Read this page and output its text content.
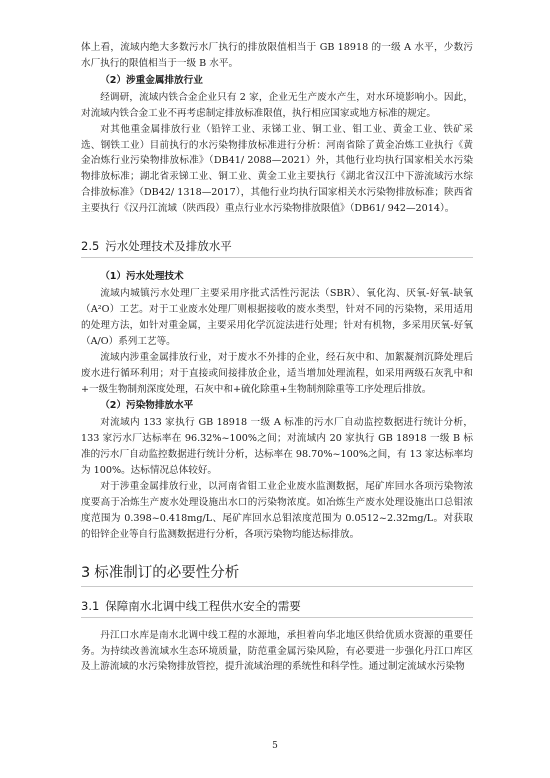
体上看，流域内绝大多数污水厂执行的排放限值相当于 GB 18918 的一级 A 水平，少数污水厂执行的限值相当于一级 B 水平。

（2）涉重金属排放行业

经调研，流域内铁合金企业只有 2 家，企业无生产废水产生，对水环境影响小。因此，对流域内铁合金工业不再考虑制定排放标准限值，执行相应国家或地方标准的规定。

对其他重金属排放行业（铅锌工业、汞锑工业、铜工业、钼工业、黄金工业、铁矿采选、钢铁工业）目前执行的水污染物排放标准进行分析：河南省除了黄金冶炼工业执行《黄金冶炼行业污染物排放标准》（DB41/ 2088—2021）外，其他行业均执行国家相关水污染物排放标准；湖北省汞锑工业、铜工业、黄金工业主要执行《湖北省汉江中下游流域污水综合排放标准》（DB42/ 1318—2017），其他行业均执行国家相关水污染物排放标准；陕西省主要执行《汉丹江流域（陕西段）重点行业水污染物排放限值》（DB61/ 942—2014）。

2.5 污水处理技术及排放水平
（1）污水处理技术

流域内城镇污水处理厂主要采用序批式活性污泥法（SBR）、氧化沟、厌氧-好氧-缺氧（A²O）工艺。对于工业废水处理厂则根据接收的废水类型，针对不同的污染物，采用适用的处理方法，如针对重金属，主要采用化学沉淀法进行处理；针对有机物，多采用厌氧-好氧（A/O）系列工艺等。

流域内涉重金属排放行业，对于废水不外排的企业，经石灰中和、加絮凝剂沉降处理后废水进行循环利用；对于直接或间接排放企业，适当增加处理流程，如采用两级石灰乳中和+一级生物制剂深度处理，石灰中和+硫化除重+生物制剂除重等工序处理后排放。

（2）污染物排放水平

对流域内 133 家执行 GB 18918 一级 A 标准的污水厂自动监控数据进行统计分析，133 家污水厂达标率在 96.32%~100%之间；对流域内 20 家执行 GB 18918 一级 B 标准的污水厂自动监控数据进行统计分析，达标率在 98.70%~100%之间，有 13 家达标率均为 100%。达标情况总体较好。

对于涉重金属排放行业，以河南省钼工业企业废水监测数据，尾矿库回水各项污染物浓度要高于冶炼生产废水处理设施出水口的污染物浓度。如冶炼生产废水处理设施出口总钼浓度范围为 0.398~0.418mg/L、尾矿库回水总钼浓度范围为 0.0512~2.32mg/L。对获取的铅锌企业等自行监测数据进行分析，各项污染物均能达标排放。

3 标准制订的必要性分析
3.1 保障南水北调中线工程供水安全的需要

丹江口水库是南水北调中线工程的水源地，承担着向华北地区供给优质水资源的重要任务。为持续改善流域水生态环境质量，防范重金属污染风险，有必要进一步强化丹江口库区及上游流域的水污染物排放管控，提升流域治理的系统性和科学性。通过制定流域水污染物

5
